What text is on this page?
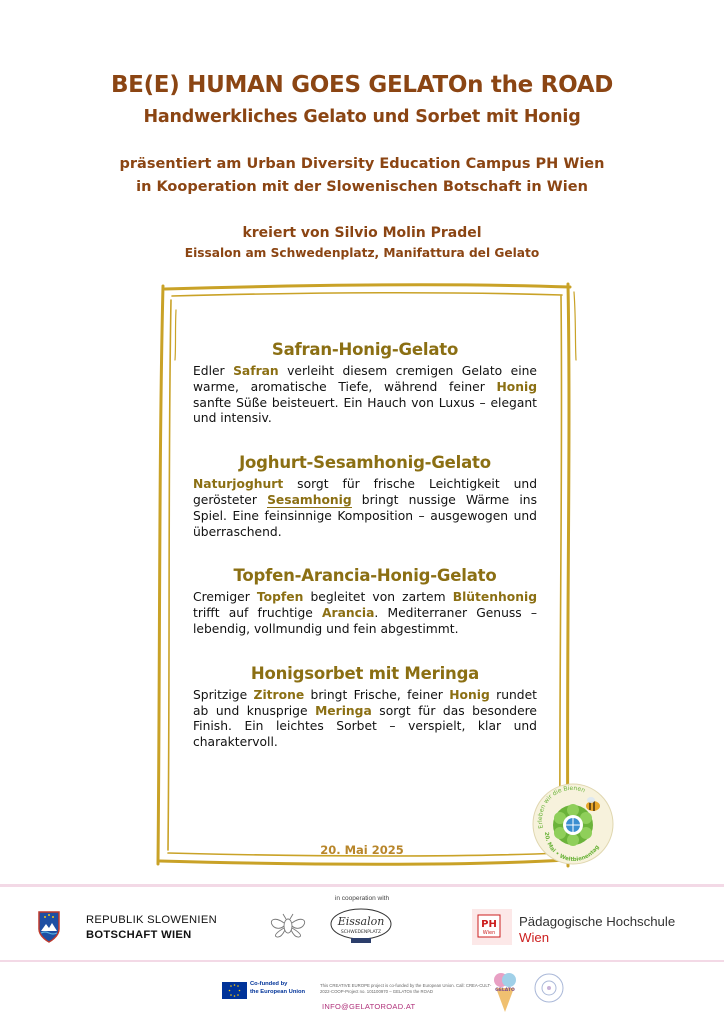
BE(E) HUMAN GOES GELATOn the ROAD
Handwerkliches Gelato und Sorbet mit Honig
präsentiert am Urban Diversity Education Campus PH Wien
in Kooperation mit der Slowenischen Botschaft in Wien
kreiert von Silvio Molin Pradel
Eissalon am Schwedenplatz, Manifattura del Gelato
Safran-Honig-Gelato

Edler Safran verleiht diesem cremigen Gelato eine warme, aromatische Tiefe, während feiner Honig sanfte Süße beisteuert. Ein Hauch von Luxus – elegant und intensiv.

Joghurt-Sesamhonig-Gelato

Naturjoghurt sorgt für frische Leichtigkeit und gerösteter Sesamhonig bringt nussige Wärme ins Spiel. Eine feinsinnige Komposition – ausgewogen und überraschend.

Topfen-Arancia-Honig-Gelato

Cremiger Topfen begleitet von zartem Blütenhonig trifft auf fruchtige Arancia. Mediterraner Genuss – lebendig, vollmundig und fein abgestimmt.

Honigsorbet mit Meringa

Spritzige Zitrone bringt Frische, feiner Honig rundet ab und knusprige Meringa sorgt für das besondere Finish. Ein leichtes Sorbet – verspielt, klar und charaktervoll.

20. Mai 2025
Erleben wir die Bienen
20. Mai • Weltbienentag
in cooperation with
REPUBLIK SLOWENIEN
BOTSCHAFT WIEN
Eissalon
SCHWEDENPLATZ
PH
Wien
Pädagogische Hochschule
Wien
Co-funded by
the European Union
This CREATIVE EUROPE project is co-funded by the European Union. Call: CREA-CULT-2022-COOP-Project no. 101100970 – GELATOn the ROAD
INFO@GELATOROAD.AT
GELATO
